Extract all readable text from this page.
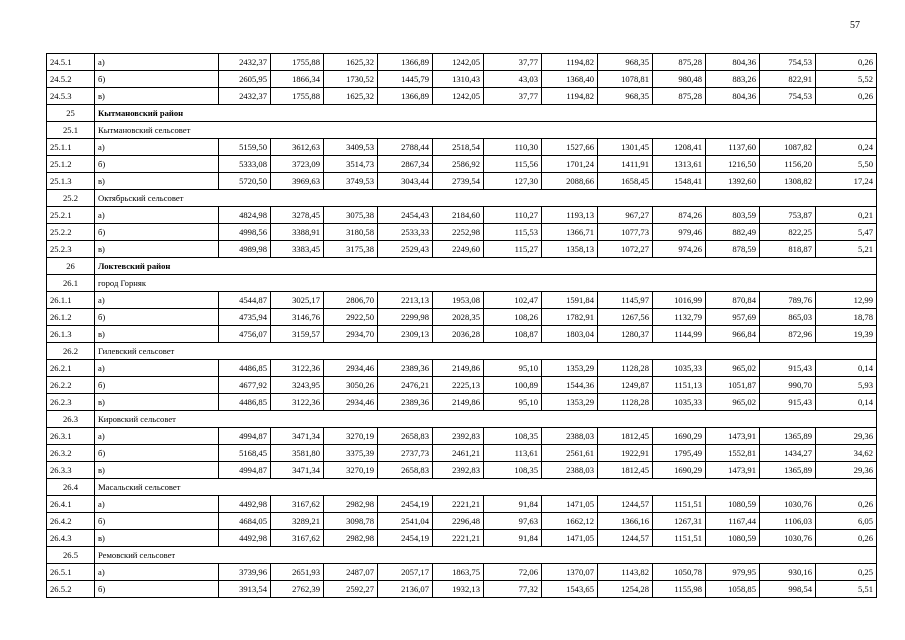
57
24.5.1	а)	2432,37	1755,88	1625,32	1366,89	1242,05	37,77	1194,82	968,35	875,28	804,36	754,53	0,26
24.5.2	б)	2605,95	1866,34	1730,52	1445,79	1310,43	43,03	1368,40	1078,81	980,48	883,26	822,91	5,52
24.5.3	в)	2432,37	1755,88	1625,32	1366,89	1242,05	37,77	1194,82	968,35	875,28	804,36	754,53	0,26
25	Кытмановский район												
25.1	Кытмановский сельсовет												
25.1.1	а)	5159,50	3612,63	3409,53	2788,44	2518,54	110,30	1527,66	1301,45	1208,41	1137,60	1087,82	0,24
25.1.2	б)	5333,08	3723,09	3514,73	2867,34	2586,92	115,56	1701,24	1411,91	1313,61	1216,50	1156,20	5,50
25.1.3	в)	5720,50	3969,63	3749,53	3043,44	2739,54	127,30	2088,66	1658,45	1548,41	1392,60	1308,82	17,24
25.2	Октябрьский сельсовет												
25.2.1	а)	4824,98	3278,45	3075,38	2454,43	2184,60	110,27	1193,13	967,27	874,26	803,59	753,87	0,21
25.2.2	б)	4998,56	3388,91	3180,58	2533,33	2252,98	115,53	1366,71	1077,73	979,46	882,49	822,25	5,47
25.2.3	в)	4989,98	3383,45	3175,38	2529,43	2249,60	115,27	1358,13	1072,27	974,26	878,59	818,87	5,21
26	Локтевский район												
26.1	город Горняк												
26.1.1	а)	4544,87	3025,17	2806,70	2213,13	1953,08	102,47	1591,84	1145,97	1016,99	870,84	789,76	12,99
26.1.2	б)	4735,94	3146,76	2922,50	2299,98	2028,35	108,26	1782,91	1267,56	1132,79	957,69	865,03	18,78
26.1.3	в)	4756,07	3159,57	2934,70	2309,13	2036,28	108,87	1803,04	1280,37	1144,99	966,84	872,96	19,39
26.2	Гилевский сельсовет												
26.2.1	а)	4486,85	3122,36	2934,46	2389,36	2149,86	95,10	1353,29	1128,28	1035,33	965,02	915,43	0,14
26.2.2	б)	4677,92	3243,95	3050,26	2476,21	2225,13	100,89	1544,36	1249,87	1151,13	1051,87	990,70	5,93
26.2.3	в)	4486,85	3122,36	2934,46	2389,36	2149,86	95,10	1353,29	1128,28	1035,33	965,02	915,43	0,14
26.3	Кировский сельсовет												
26.3.1	а)	4994,87	3471,34	3270,19	2658,83	2392,83	108,35	2388,03	1812,45	1690,29	1473,91	1365,89	29,36
26.3.2	б)	5168,45	3581,80	3375,39	2737,73	2461,21	113,61	2561,61	1922,91	1795,49	1552,81	1434,27	34,62
26.3.3	в)	4994,87	3471,34	3270,19	2658,83	2392,83	108,35	2388,03	1812,45	1690,29	1473,91	1365,89	29,36
26.4	Масальский сельсовет												
26.4.1	а)	4492,98	3167,62	2982,98	2454,19	2221,21	91,84	1471,05	1244,57	1151,51	1080,59	1030,76	0,26
26.4.2	б)	4684,05	3289,21	3098,78	2541,04	2296,48	97,63	1662,12	1366,16	1267,31	1167,44	1106,03	6,05
26.4.3	в)	4492,98	3167,62	2982,98	2454,19	2221,21	91,84	1471,05	1244,57	1151,51	1080,59	1030,76	0,26
26.5	Ремовский сельсовет												
26.5.1	а)	3739,96	2651,93	2487,07	2057,17	1863,75	72,06	1370,07	1143,82	1050,78	979,95	930,16	0,25
26.5.2	б)	3913,54	2762,39	2592,27	2136,07	1932,13	77,32	1543,65	1254,28	1155,98	1058,85	998,54	5,51
